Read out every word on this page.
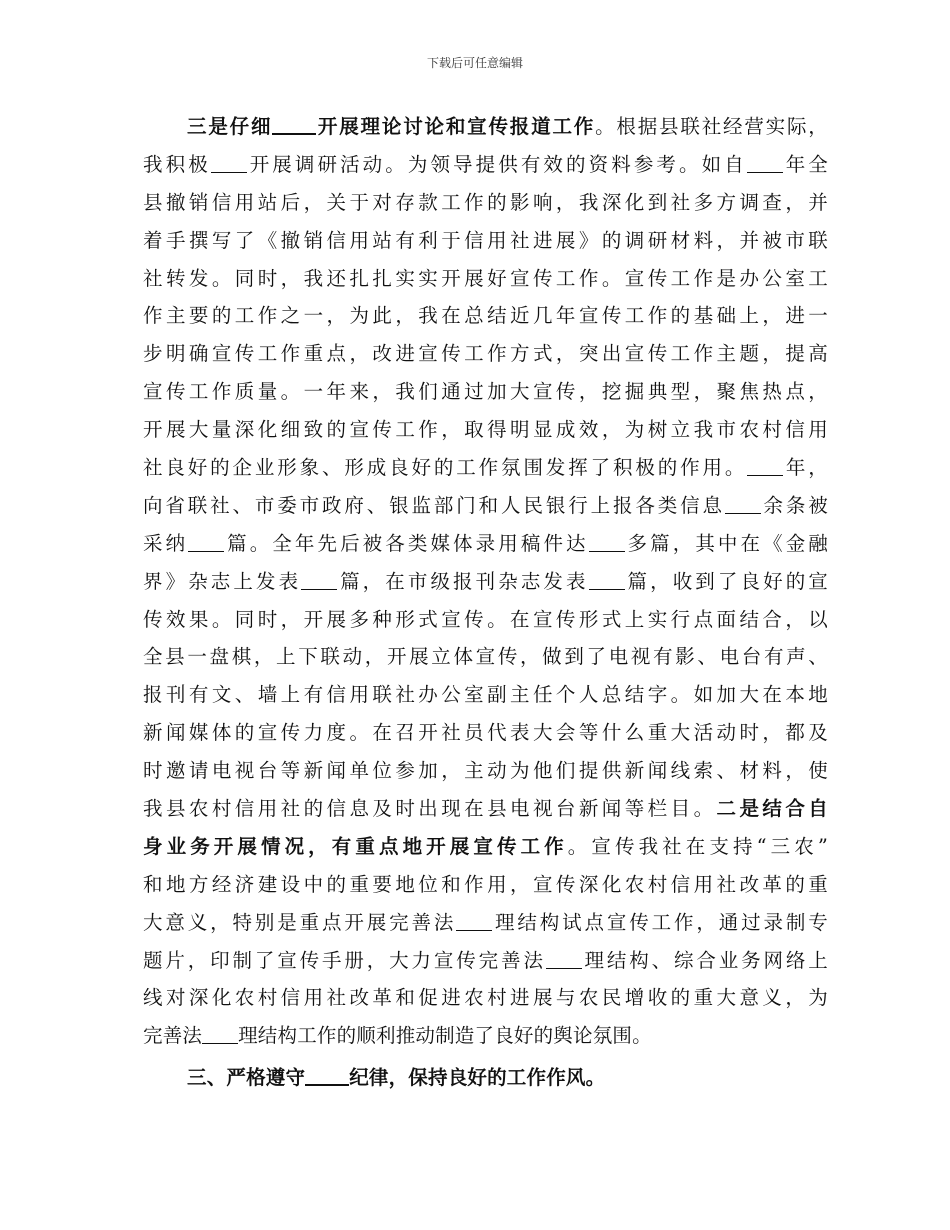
下载后可任意编辑
三是仔细 开展理论讨论和宣传报道工作。根据县联社经营实际，
我积极 开展调研活动。为领导提供有效的资料参考。如自 年全
县撤销信用站后，关于对存款工作的影响，我深化到社多方调查，并
着手撰写了《撤销信用站有利于信用社进展》的调研材料，并被市联
社转发。同时，我还扎扎实实开展好宣传工作。宣传工作是办公室工
作主要的工作之一，为此，我在总结近几年宣传工作的基础上，进一
步明确宣传工作重点，改进宣传工作方式，突出宣传工作主题，提高
宣传工作质量。一年来，我们通过加大宣传，挖掘典型，聚焦热点，
开展大量深化细致的宣传工作，取得明显成效，为树立我市农村信用
社良好的企业形象、形成良好的工作氛围发挥了积极的作用。 年，
向省联社、市委市政府、银监部门和人民银行上报各类信息 余条被
采纳 篇。全年先后被各类媒体录用稿件达 多篇，其中在《金融
界》杂志上发表 篇，在市级报刊杂志发表 篇，收到了良好的宣
传效果。同时，开展多种形式宣传。在宣传形式上实行点面结合，以
全县一盘棋，上下联动，开展立体宣传，做到了电视有影、电台有声、
报刊有文、墙上有信用联社办公室副主任个人总结字。如加大在本地
新闻媒体的宣传力度。在召开社员代表大会等什么重大活动时，都及
时邀请电视台等新闻单位参加，主动为他们提供新闻线索、材料，使
我县农村信用社的信息及时出现在县电视台新闻等栏目。二是结合自
身业务开展情况，有重点地开展宣传工作。宣传我社在支持“三农”
和地方经济建设中的重要地位和作用，宣传深化农村信用社改革的重
大意义，特别是重点开展完善法 理结构试点宣传工作，通过录制专
题片，印制了宣传手册，大力宣传完善法 理结构、综合业务网络上
线对深化农村信用社改革和促进农村进展与农民增收的重大意义，为
完善法 理结构工作的顺利推动制造了良好的舆论氛围。
三、严格遵守 纪律，保持良好的工作作风。
